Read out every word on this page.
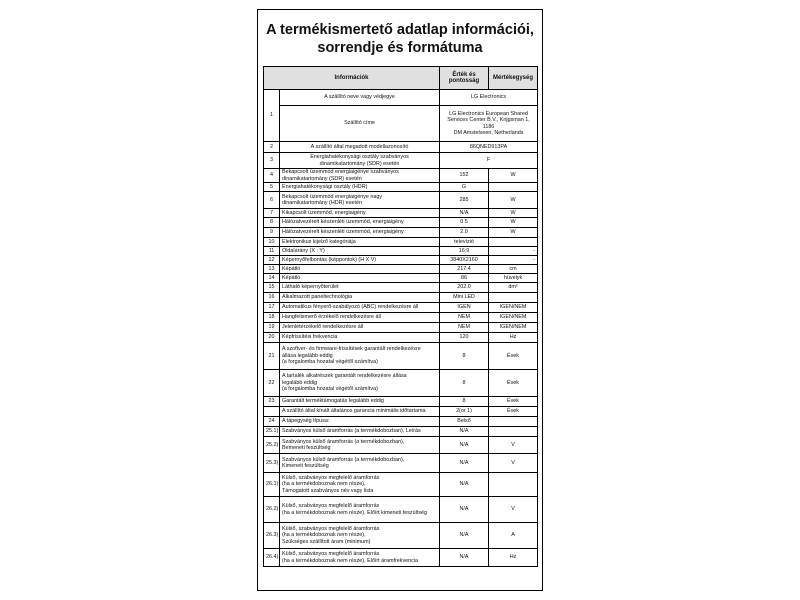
A termékismertető adatlap információi,
sorrendje és formátuma
Információk		Érték és
pontosság	Mértékegység
1	A szállító neve vagy védjegye	LG Electronics	
	Szállító címe	LG Electronics European Shared
Services Center B.V., Krijgsman 1, 1186
DM Amstelveen, Netherlands	
2	A szállító által megadott modellazonosító	86QNED913PA	
3	Energiahatékonysági osztály szabványos
dinamikatartomány (SDR) esetén	F	
4	Bekapcsolt üzemmód energiaigénye szabványos
dinamikatartomány (SDR) esetén	152	W
5	Energiahatékonysági osztály (HDR)	G	
6	Bekapcsolt üzemmód energiaigénye nagy
dinamikatartomány (HDR) esetén	285	W
7	Kikapcsolt üzemmód, energiaigény	N/A	W
8	Hálózatvezérelt készenléti üzemmód, energiaigény	0.5	W
9	Hálózatvezérelt készenléti üzemmód, energiaigény	2.0	W
10	Elektronikus kijelző kategóriája	televízió	
11	Oldalarány (X : Y)	16:9	-
12	Képernyőfelbontás (képpontok) (H X V)	3840X2160	-
13	Képátló	217.4	cm
14	Képátló	86	hüvelyk
15	Látható képernyőterület	202.0	dm²
16	Alkalmazott paneltechnológia	Mini LED	
17	Automatikus fényerő-szabályozó (ABC) rendelkezésre áll	IGEN	IGEN/NEM
18	Hangfelismerő érzékelő rendelkezésre áll	NEM	IGEN/NEM
19	Jelenlétérzékelő rendelkezésre áll	NEM	IGEN/NEM
20	Képfrissítési frekvencia	120	Hz
21	A szoftver- és firmware-frissítések garantált rendelkezésre
állása legalább eddig
(a forgalomba hozatal végétől számítva)	8	Évek
22	A tartalék alkatrészek garantált rendelkezésre állása
legalább eddig
(a forgalomba hozatal végétől számítva)	8	Évek
23	Garantált terméktámogatás legalább eddig	8	Évek
	A szállító által kínált általános garancia minimális időtartama	2(or 1)	Évek
24	A tápegység típusa:	Belső	
25.1)	Szabványos külső áramforrás (a termékdobozban), Leírás	N/A	
25.2)	Szabványos külső áramforrás (a termékdobozban),
Bemeneti feszültség	N/A	V
25.3)	Szabványos külső áramforrás (a termékdobozban),
Kimeneti feszültség	N/A	V
26.1)	Külső, szabványos megfelelő áramforrás
(ha a termékdoboznak nem része),
Támogatott szabványos név vagy lista	N/A	
26.2)	Külső, szabványos megfelelő áramforrás
(ha a termékdoboznak nem része), Előírt kimeneti feszültség	N/A	V
26.3)	Külső, szabványos megfelelő áramforrás
(ha a termékdoboznak nem része),
Szükséges szállított áram (minimum)	N/A	A
26.4)	Külső, szabványos megfelelő áramforrás
(ha a termékdoboznak nem része), Előírt áramfrekvencia	N/A	Hz
